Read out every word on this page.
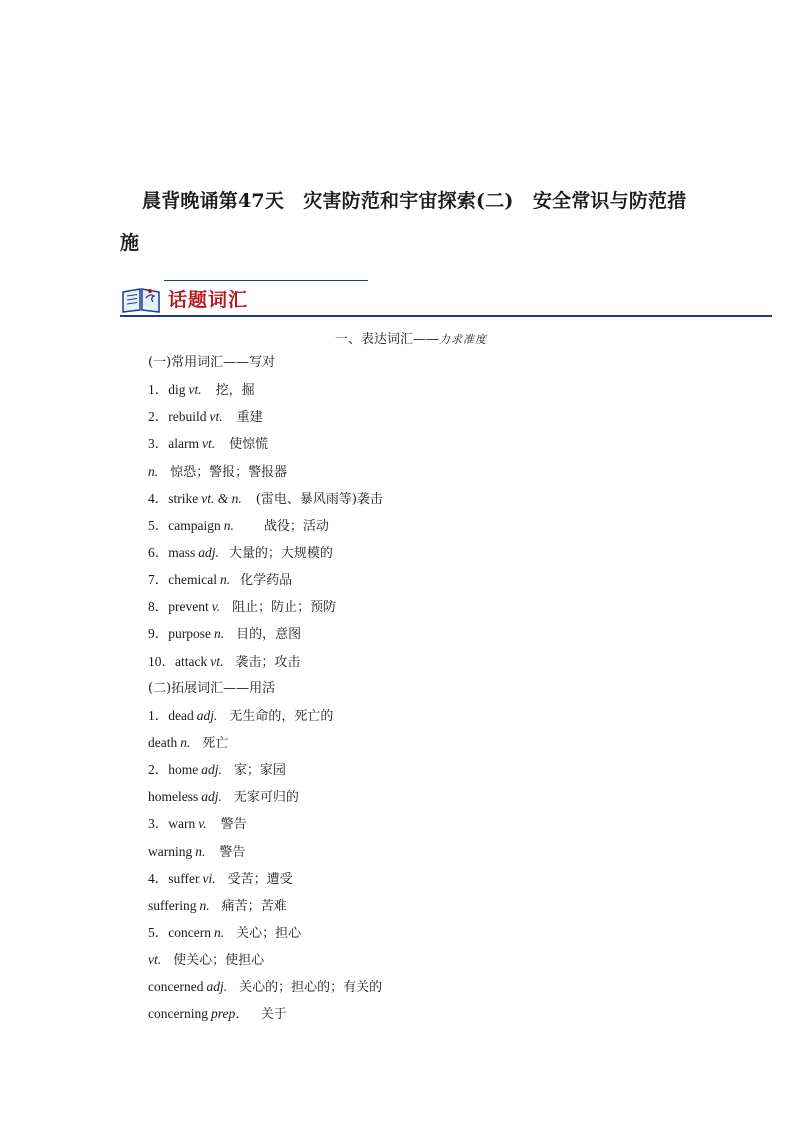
晨背晚诵第47天　灾害防范和宇宙探索(二)　安全常识与防范措施
话题词汇
一、表达词汇——力求准度
(一)常用词汇——写对
1．dig vt. 挖，掘
2．rebuild vt. 重建
3．alarm vt. 使惊慌
n. 惊恐；警报；警报器
4．strike vt. & n. (雷电、暴风雨等)袭击
5．campaign n. 战役；活动
6．mass adj. 大量的；大规模的
7．chemical n. 化学药品
8．prevent v. 阻止；防止；预防
9．purpose n. 目的，意图
10．attack vt. 袭击；攻击
(二)拓展词汇——用活
1．dead adj. 无生命的，死亡的
death n. 死亡
2．home adj. 家；家园
homeless adj. 无家可归的
3．warn v. 警告
warning n. 警告
4．suffer vi. 受苦；遭受
suffering n. 痛苦；苦难
5．concern n. 关心；担心
vt. 使关心；使担心
concerned adj. 关心的；担心的；有关的
concerning prep． 关于
